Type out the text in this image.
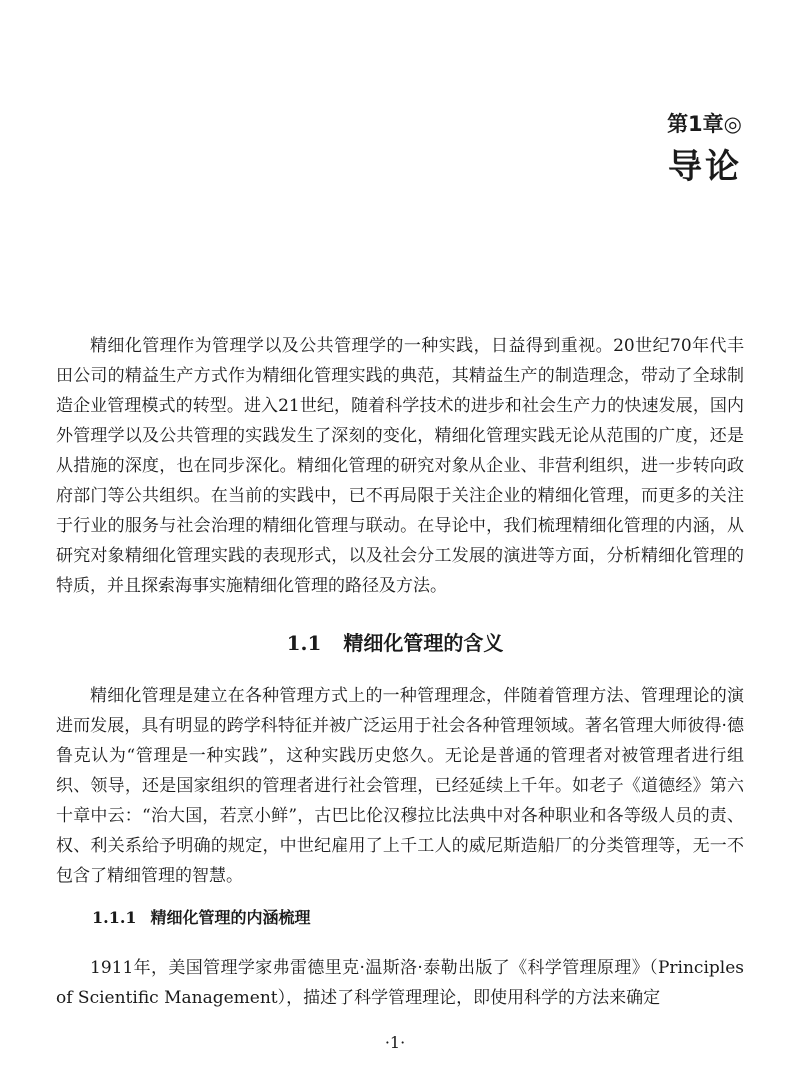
第1章◎
导论

精细化管理作为管理学以及公共管理学的一种实践，日益得到重视。20世纪70年代丰田公司的精益生产方式作为精细化管理实践的典范，其精益生产的制造理念，带动了全球制造企业管理模式的转型。进入21世纪，随着科学技术的进步和社会生产力的快速发展，国内外管理学以及公共管理的实践发生了深刻的变化，精细化管理实践无论从范围的广度，还是从措施的深度，也在同步深化。精细化管理的研究对象从企业、非营利组织，进一步转向政府部门等公共组织。在当前的实践中，已不再局限于关注企业的精细化管理，而更多的关注于行业的服务与社会治理的精细化管理与联动。在导论中，我们梳理精细化管理的内涵，从研究对象精细化管理实践的表现形式，以及社会分工发展的演进等方面，分析精细化管理的特质，并且探索海事实施精细化管理的路径及方法。

1.1 精细化管理的含义

精细化管理是建立在各种管理方式上的一种管理理念，伴随着管理方法、管理理论的演进而发展，具有明显的跨学科特征并被广泛运用于社会各种管理领域。著名管理大师彼得·德鲁克认为“管理是一种实践”，这种实践历史悠久。无论是普通的管理者对被管理者进行组织、领导，还是国家组织的管理者进行社会管理，已经延续上千年。如老子《道德经》第六十章中云：“治大国，若烹小鲜”，古巴比伦汉穆拉比法典中对各种职业和各等级人员的责、权、利关系给予明确的规定，中世纪雇用了上千工人的威尼斯造船厂的分类管理等，无一不包含了精细管理的智慧。

1.1.1 精细化管理的内涵梳理

1911年，美国管理学家弗雷德里克·温斯洛·泰勒出版了《科学管理原理》（Principles of Scientific Management），描述了科学管理理论，即使用科学的方法来确定

·1·
